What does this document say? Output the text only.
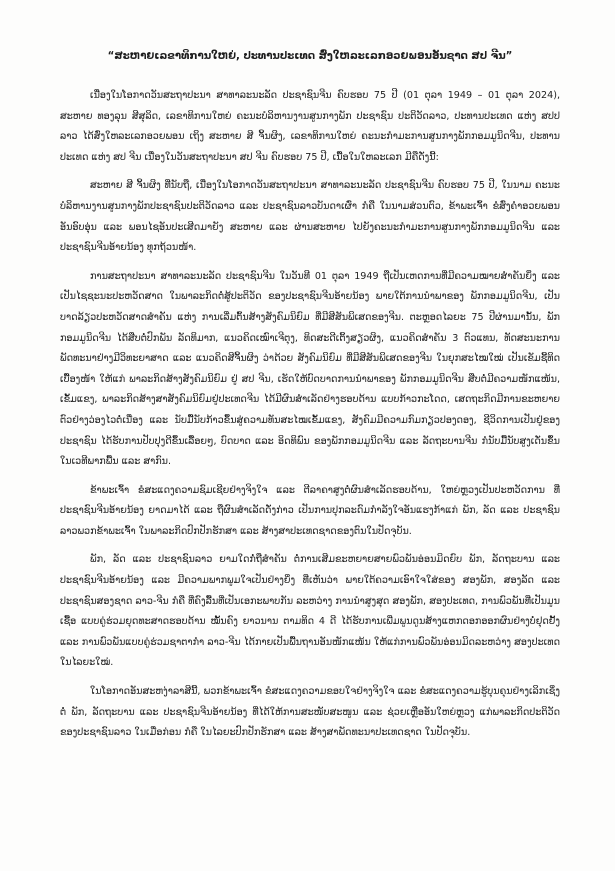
“ສະຫາຍເລຂາທິການໃຫຍ່, ປະທານປະເທດ ສົ່ງໃຫລະເລກອວຍພອນອັນຊາດ ສປ ຈີນ”

ເນື່ອງໃນໂອກາດວັນສະຖາປະນາ ສາທາລະນະລັດ ປະຊາຊົນຈີນ ຄົບຮອບ 75 ປີ (01 ຕຸລາ 1949 – 01 ຕຸລາ 2024), ສະຫາຍ ທອງລຸນ ສີສຸລິດ, ເລຂາທິການໃຫຍ່ ຄະນະບໍລິຫານງານສູນກາງພັກ ປະຊາຊົນ ປະຕິວັດລາວ, ປະທານປະເທດ ແຫ່ງ ສປປ ລາວ ໄດ້ສົ່ງໃຫລະເລກອວຍພອນ ເຖິງ ສະຫາຍ ສີ ຈິ້ນຜິງ, ເລຂາທິການໃຫຍ່ ຄະນະກຳມະການສູນກາງພັກກອມມູນິດຈີນ, ປະທານປະເທດ ແຫ່ງ ສປ ຈີນ ເນື່ອງໃນວັນສະຖາປະນາ ສປ ຈີນ ຄົບຮອບ 75 ປີ, ເນື້ອໃນໃຫລະເລກ ມີຄືດັ່ງນີ້:

ສະຫາຍ ສີ ຈິ້ນຜິງ ທີ່ນັບຖື, ເນື່ອງໃນໂອກາດວັນສະຖາປະນາ ສາທາລະນະລັດ ປະຊາຊົນຈີນ ຄົບຮອບ 75 ປີ, ໃນນາມ ຄະນະບໍລິຫານງານສູນກາງພັກປະຊາຊົນປະຕິວັດລາວ ແລະ ປະຊາຊົນລາວບັນດາເຜົ່າ ກໍຄື ໃນນາມສ່ວນຕົວ, ຂ້າພະເຈົ້າ ຂໍສົ່ງຄຳອວຍພອນອັນອົບອຸ່ນ ແລະ ພອນໄຊອັນປະເສີດມາຍັງ ສະຫາຍ ແລະ ຜ່ານສະຫາຍ ໄປຍັງຄະນະກຳມະການສູນກາງພັກກອມມູນິດຈີນ ແລະ ປະຊາຊົນຈີນອ້າຍນ້ອງ ທຸກຖ້ວນໜ້າ.

ການສະຖາປະນາ ສາທາລະນະລັດ ປະຊາຊົນຈີນ ໃນວັນທີ 01 ຕຸລາ 1949 ຖືເປັນເຫດການທີ່ມີຄວາມໝາຍສຳຄັນຍິ່ງ ແລະ ເປັນໄຊຊະນະປະຫວັດສາດ ໃນພາລະກິດຕໍ່ສູ້ປະຕິວັດ ຂອງປະຊາຊົນຈີນອ້າຍນ້ອງ ພາຍໃຕ້ການນຳພາຂອງ ພັກກອມມູນິດຈີນ, ເປັນບາດລ້ຽວປະຫວັດສາດສຳຄັນ ແຫ່ງ ການເລີ່ມຕົ້ນສ້າງສັງຄົມນິຍົມ ທີ່ມີສີສັນພິເສດຂອງຈີນ. ຕະຫຼອດໄລຍະ 75 ປີຜ່ານມານັ້ນ, ພັກກອມມູນິດຈີນ ໄດ້ສືບຕໍ່ປົກພັນ ລັດທິມາກ, ແນວຄິດເໝົາເຈີຕຸງ, ທິດສະດີເຕິ້ງສຽວຜິງ, ແນວຄິດສຳຄັນ 3 ຕົວແທນ, ທັດສະນະການພັດທະນາຢ່າງມີວິທະຍາສາດ ແລະ ແນວຄິດສີຈິ້ນຜິງ ວ່າດ້ວຍ ສັງຄົມນິຍົມ ທີ່ມີສີສັນພິເສດຂອງຈີນ ໃນຍຸກສະໄໝໃໝ່ ເປັນເຂັມຊີ້ທິດເບື້ອງໜ້າ ໃຫ້ແກ່ ພາລະກິດສ້າງສັງຄົມນິຍົມ ຢູ່ ສປ ຈີນ, ເຮັດໃຫ້ບົດບາດການນຳພາຂອງ ພັກກອມມູນິດຈີນ ສືບຕໍ່ມີຄວາມໜັກແໜ້ນ, ເຂັ້ມແຂງ, ພາລະກິດສ້າງສາສັງຄົມນິຍົມຢູ່ປະເທດຈີນ ໄດ້ມີຜົນສຳເລັດຢ່າງຮອບດ້ານ ແບບກ້າວກະໂດດ, ເສດຖະກິດມີການຂະຫຍາຍຕົວຢ່າງວ່ອງໄວຕໍ່ເນື່ອງ ແລະ ນັບມື້ນັບກ້າວຂຶ້ນສູ່ຄວາມທັນສະໄໝເຂັ້ມແຂງ, ສັງຄົມມີຄວາມກົມກຽວປອງດອງ, ຊີວິດການເປັນຢູ່ຂອງປະຊາຊົນ ໄດ້ຮັບການປັບປຸງດີຂຶ້ນເລື້ອຍໆ, ບົດບາດ ແລະ ອິດທິພົນ ຂອງພັກກອມມູນິດຈີນ ແລະ ລັດຖະບານຈີນ ກໍນັບມື້ນັບສູງເດັ່ນຂຶ້ນ ໃນເວທີພາກພື້ນ ແລະ ສາກົນ.

ຂ້າພະເຈົ້າ ຂໍສະແດງຄວາມຊົມເຊີຍຢ່າງຈິງໃຈ ແລະ ຕີລາຄາສູງຕໍ່ຜົນສຳເລັດຮອບດ້ານ, ໃຫຍ່ຫຼວງເປັນປະຫວັດການ ທີ່ປະຊາຊົນຈີນອ້າຍນ້ອງ ຍາດມາໄດ້ ແລະ ຖືຜົນສຳເລັດດັ່ງກ່າວ ເປັນການປຸກລະດົມກຳລັງໃຈອັນແຮງກ້າແກ່ ພັກ, ລັດ ແລະ ປະຊາຊົນລາວພວກຂ້າພະເຈົ້າ ໃນພາລະກິດປົກປັກຮັກສາ ແລະ ສ້າງສາປະເທດຊາດຂອງຕົນໃນປັດຈຸບັນ.

ພັກ, ລັດ ແລະ ປະຊາຊົນລາວ ຍາມໃດກໍ່ຖືສຳຄັນ ຕໍ່ການເສີມຂະຫຍາຍສາຍພົວພັນອ່ອນມິດຍົບ ພັກ, ລັດຖະບານ ແລະ ປະຊາຊົນຈີນອ້າຍນ້ອງ ແລະ ມີຄວາມພາກພູມໃຈເປັນຢ່າງຍິ່ງ ທີ່ເຫັນວ່າ ພາຍໃຕ້ຄວາມເອົາໃຈໃສ່ຂອງ ສອງພັກ, ສອງລັດ ແລະ ປະຊາຊົນສອງຊາດ ລາວ-ຈີນ ກໍຄື ທີ່ຄົງລື້ນທີ່ເປັນເອກະພາບກັນ ລະຫວ່າງ ການນຳສູງສຸດ ສອງພັກ, ສອງປະເທດ, ການພົວພັນທີ່ເປັນມູນເຊື້ອ ແບບຄູ່ຮ່ວມຍຸດທະສາດຮອບດ້ານ ໝັ້ນຄົງ ຍາວນານ ຕາມທິດ 4 ດີ ໄດ້ຮັບການເພີ່ມພູນດູນສ້າງແຫກດອກອອກຜົນຢ່າງບໍ່ຢຸດຢັ້ງ ແລະ ການພົວພັນແບບຄູ່ຮ່ວມຊາຕາກຳ ລາວ-ຈີນ ໄດ້ກາຍເປັນພື້ນຖານອັນໜັກແໜ້ນ ໃຫ້ແກ່ການພົວພັນອ່ອນມິດລະຫວ່າງ ສອງປະເທດ ໃນໄລຍະໃໝ່.

ໃນໂອກາດອັນສະຫງ່າລາສີນີ້, ພວກຂ້າພະເຈົ້າ ຂໍສະແດງຄວາມຂອບໃຈຢ່າງຈິງໃຈ ແລະ ຂໍສະແດງຄວາມຮູ້ບຸນຄຸນຢ່າງເລິກເຊິ່ງ ຕໍ່ ພັກ, ລັດຖະບານ ແລະ ປະຊາຊົນຈີນອ້າຍນ້ອງ ທີ່ໄດ້ໃຫ້ການສະໜັບສະໜູນ ແລະ ຊ່ວຍເຫຼືອອັນໃຫຍ່ຫຼວງ ແກ່ພາລະກິດປະຕິວັດຂອງປະຊາຊົນລາວ ໃນເມື່ອກ່ອນ ກໍຄື ໃນໄລຍະປົກປັກຮັກສາ ແລະ ສ້າງສາພັດທະນາປະເທດຊາດ ໃນປັດຈຸບັນ.
